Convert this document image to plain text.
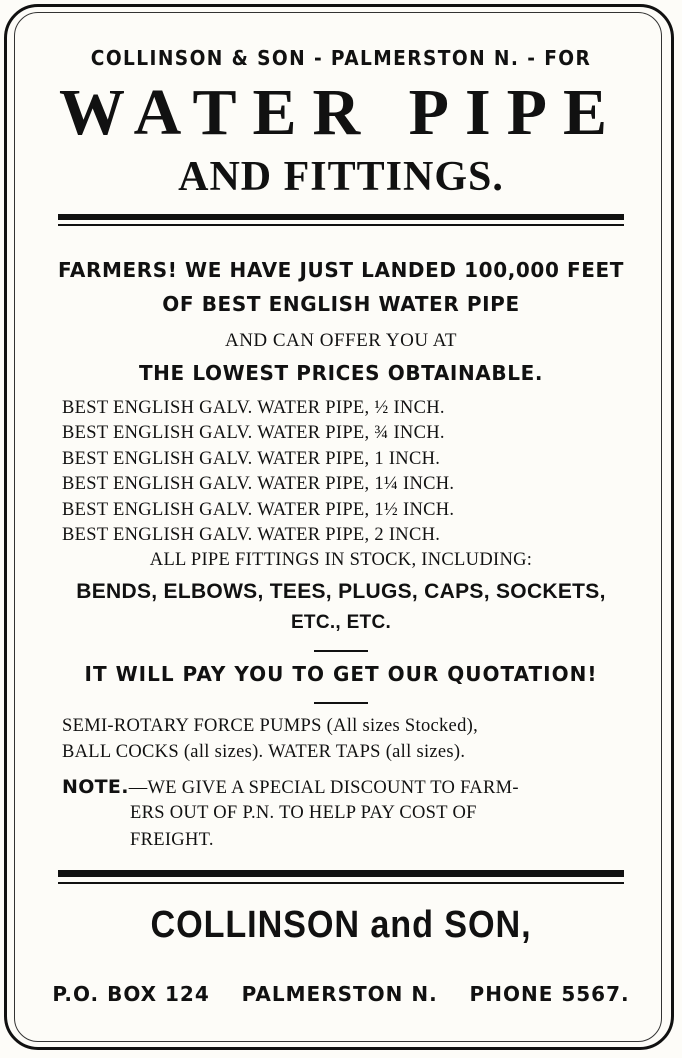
COLLINSON & SON - PALMERSTON N. - FOR
WATER PIPE
AND FITTINGS.
FARMERS! WE HAVE JUST LANDED 100,000 FEET
OF BEST ENGLISH WATER PIPE
AND CAN OFFER YOU AT
THE LOWEST PRICES OBTAINABLE.
BEST ENGLISH GALV. WATER PIPE, ½ INCH.
BEST ENGLISH GALV. WATER PIPE, ¾ INCH.
BEST ENGLISH GALV. WATER PIPE, 1 INCH.
BEST ENGLISH GALV. WATER PIPE, 1¼ INCH.
BEST ENGLISH GALV. WATER PIPE, 1½ INCH.
BEST ENGLISH GALV. WATER PIPE, 2 INCH.
ALL PIPE FITTINGS IN STOCK, INCLUDING:
BENDS, ELBOWS, TEES, PLUGS, CAPS, SOCKETS,
ETC., ETC.
IT WILL PAY YOU TO GET OUR QUOTATION!
SEMI-ROTARY FORCE PUMPS (All sizes Stocked),
BALL COCKS (all sizes). WATER TAPS (all sizes).
NOTE.—WE GIVE A SPECIAL DISCOUNT TO FARM-
ERS OUT OF P.N. TO HELP PAY COST OF
FREIGHT.
COLLINSON and SON,
P.O. BOX 124    PALMERSTON N.    PHONE 5567.
